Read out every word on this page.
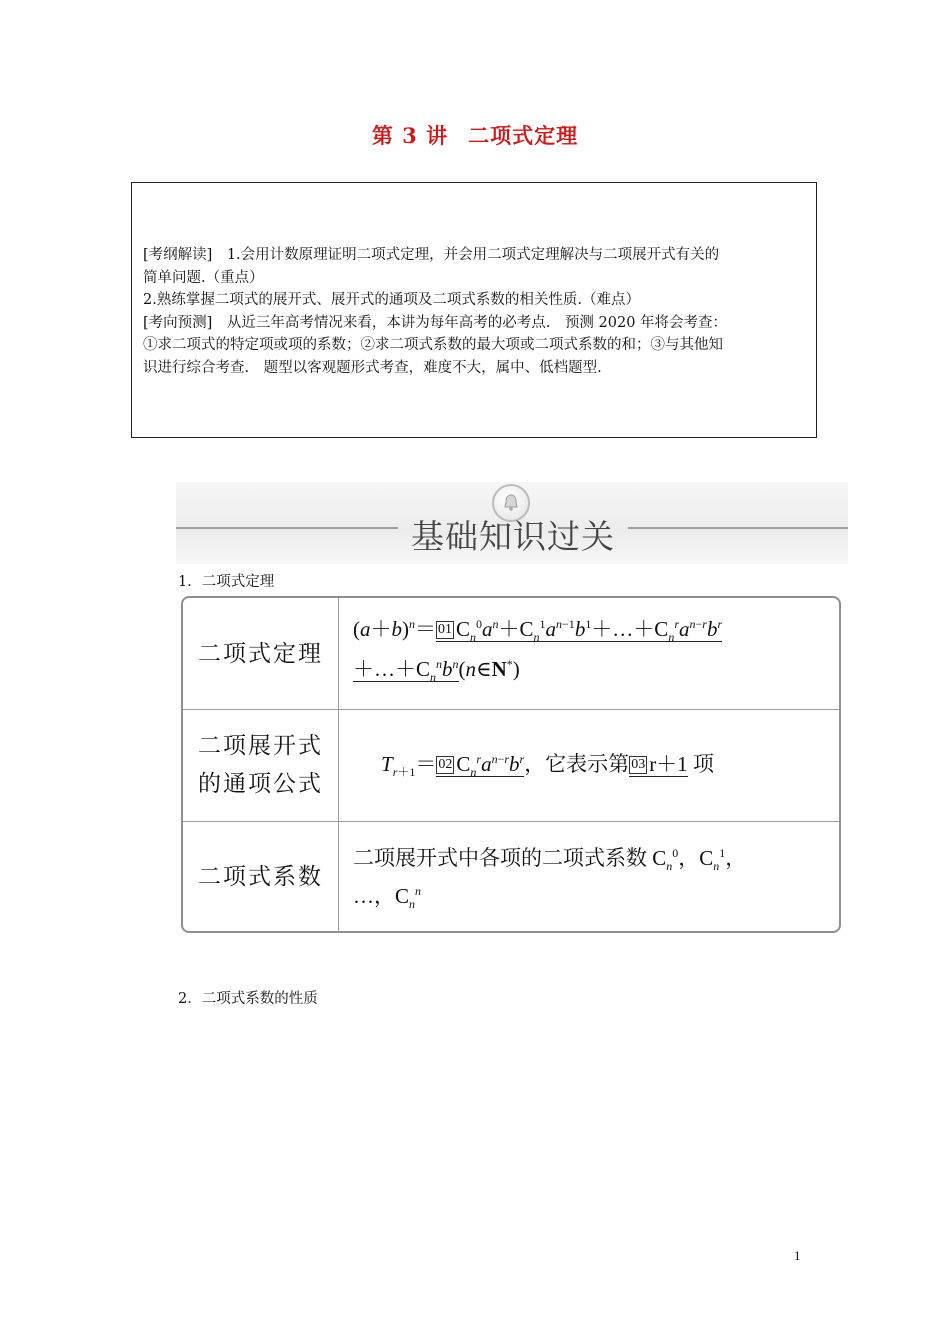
第 3 讲 二项式定理

[考纲解读]　1.会用计数原理证明二项式定理，并会用二项式定理解决与二项展开式有关的

简单问题.（重点）

2.熟练掌握二项式的展开式、展开式的通项及二项式系数的相关性质.（难点）

[考向预测]　从近三年高考情况来看，本讲为每年高考的必考点.　预测 2020 年将会考查：

①求二项式的特定项或项的系数；②求二项式系数的最大项或二项式系数的和；③与其他知

识进行综合考查.　题型以客观题形式考查，难度不大，属中、低档题型.

基础知识过关
1．二项式定理
二项式定理
$(a+b)^n= 01$ $C_n^0a^n+C_n^1a^{n-1}b^1+\dots+C_n^ra^{n-r}b^r$
$+\dots+C_n^nb^n(n\in N^*)$
二项展开式
的通项公式
$T_{r+1}= 02$ $C_n^ra^{n-r}b^r$，它表示第 03 r＋1 项
二项式系数
二项展开式中各项的二项式系数 $C_n^0$，$C_n^1$，
…，$C_n^n$
2．二项式系数的性质
1
